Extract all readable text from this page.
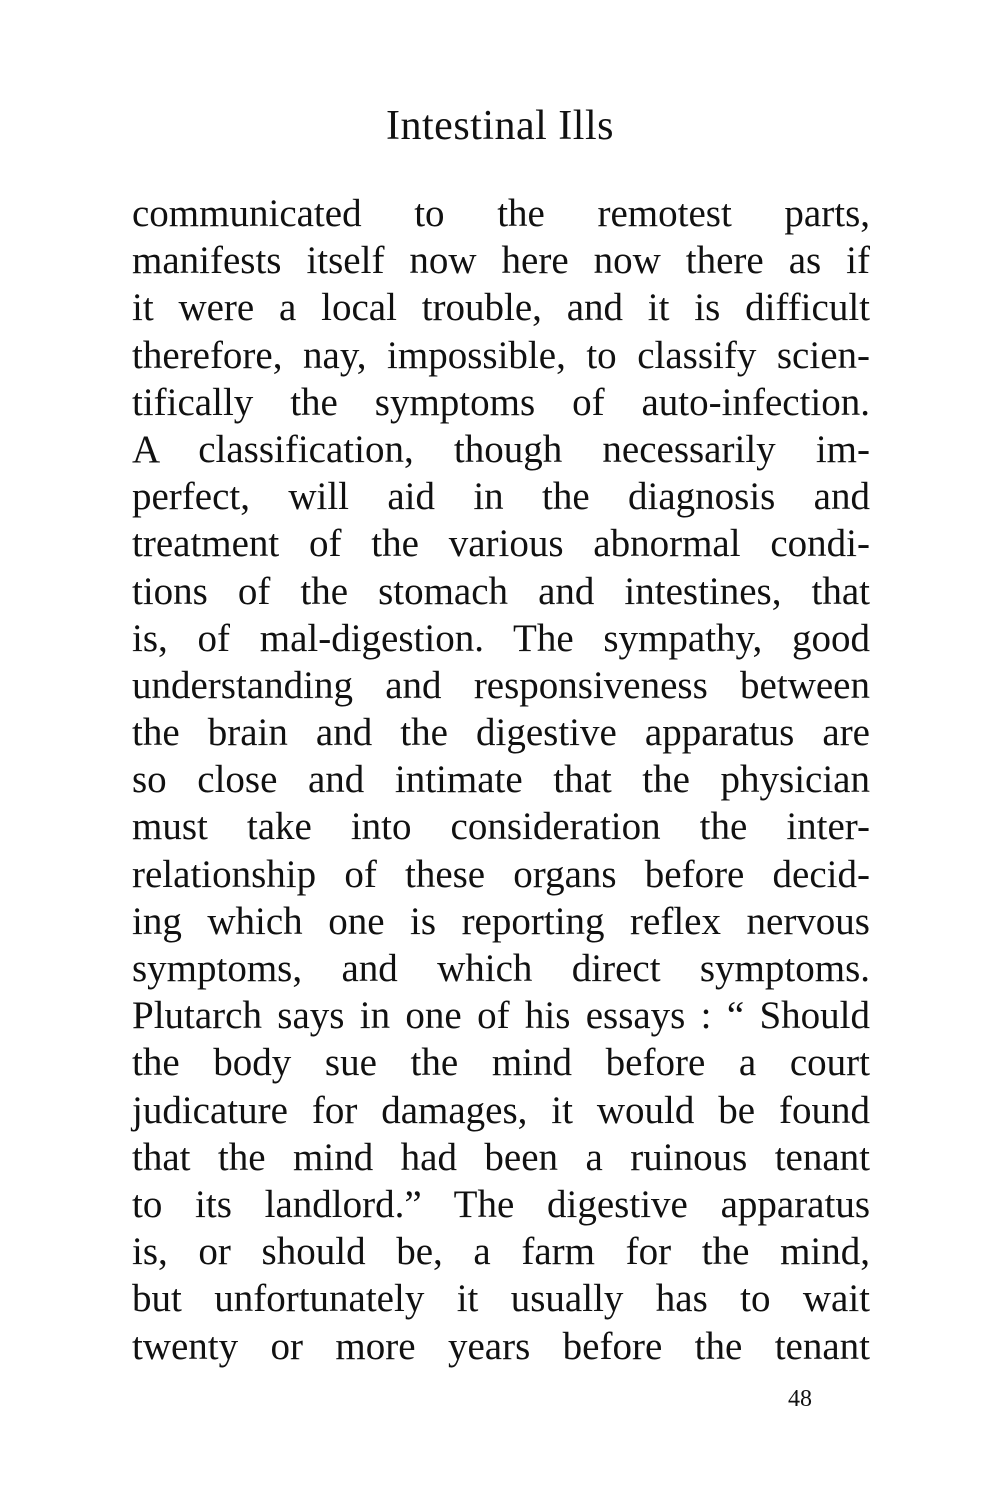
Intestinal Ills
communicated to the remotest parts,
manifests itself now here now there as if
it were a local trouble, and it is difficult
therefore, nay, impossible, to classify scien-
tifically the symptoms of auto-infection.
A classification, though necessarily im-
perfect, will aid in the diagnosis and
treatment of the various abnormal condi-
tions of the stomach and intestines, that
is, of mal-digestion. The sympathy, good
understanding and responsiveness between
the brain and the digestive apparatus are
so close and intimate that the physician
must take into consideration the inter-
relationship of these organs before decid-
ing which one is reporting reflex nervous
symptoms, and which direct symptoms.
Plutarch says in one of his essays : “ Should
the body sue the mind before a court
judicature for damages, it would be found
that the mind had been a ruinous tenant
to its landlord.” The digestive apparatus
is, or should be, a farm for the mind,
but unfortunately it usually has to wait
twenty or more years before the tenant
48
